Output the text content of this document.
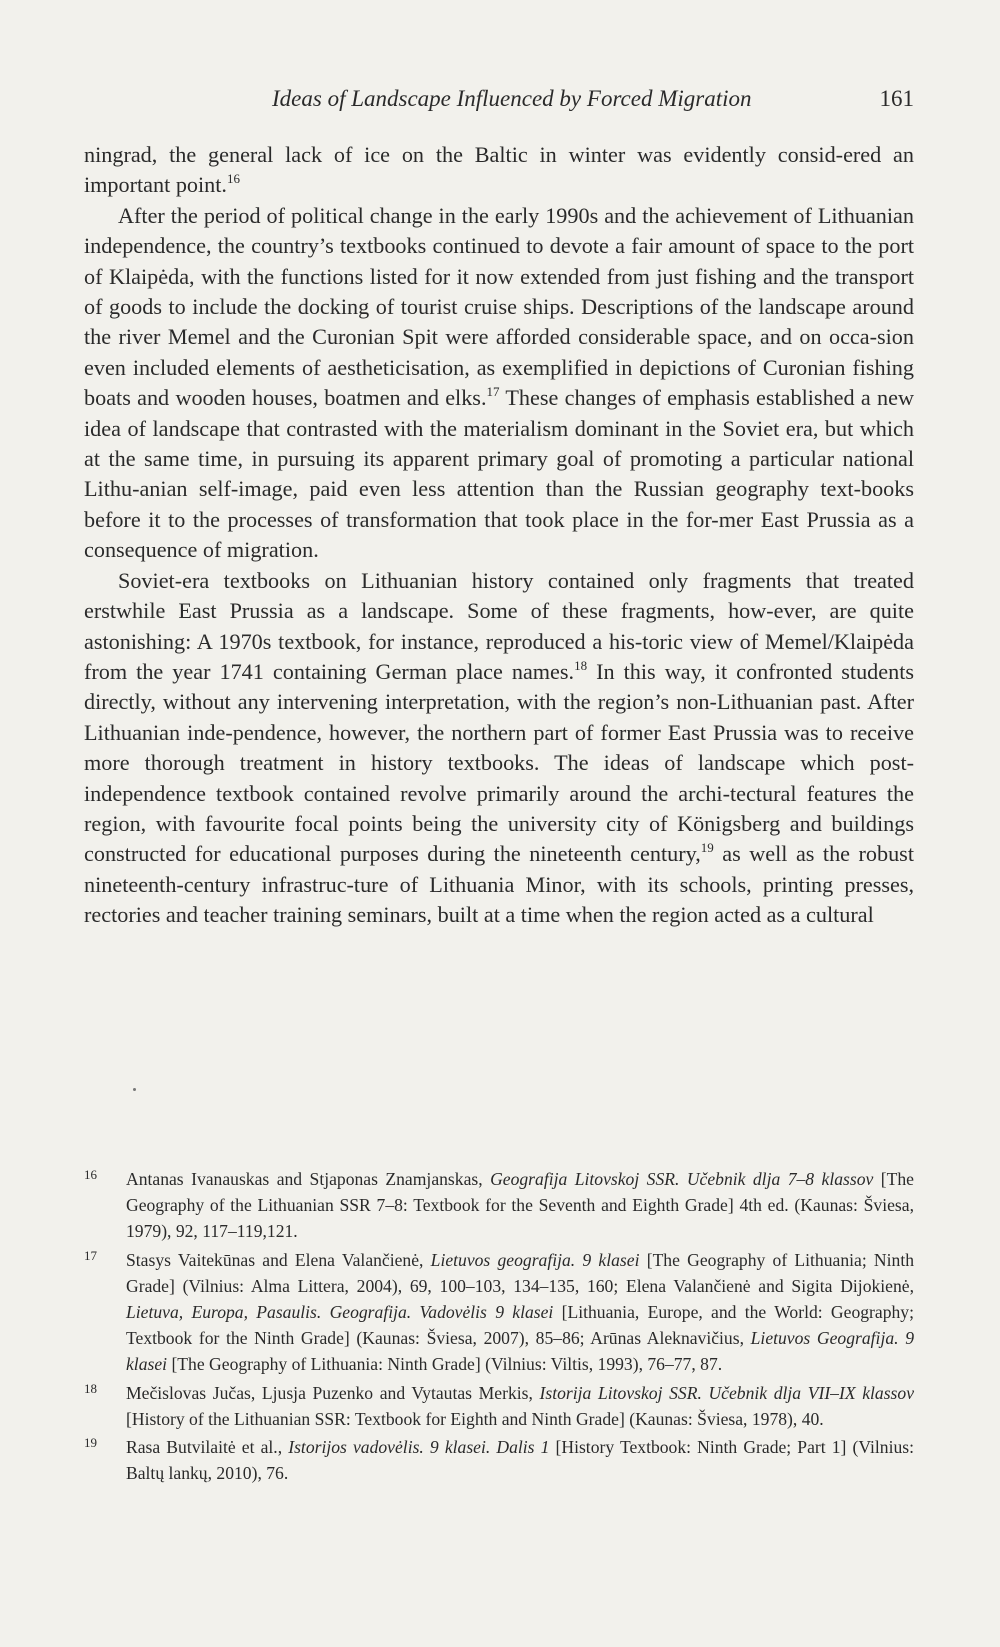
Ideas of Landscape Influenced by Forced Migration	161

ningrad, the general lack of ice on the Baltic in winter was evidently consid-ered an important point.$^{16}$

After the period of political change in the early 1990s and the achievement of Lithuanian independence, the country’s textbooks continued to devote a fair amount of space to the port of Klaipėda, with the functions listed for it now extended from just fishing and the transport of goods to include the docking of tourist cruise ships. Descriptions of the landscape around the river Memel and the Curonian Spit were afforded considerable space, and on occa-sion even included elements of aestheticisation, as exemplified in depictions of Curonian fishing boats and wooden houses, boatmen and elks.$^{17}$ These changes of emphasis established a new idea of landscape that contrasted with the materialism dominant in the Soviet era, but which at the same time, in pursuing its apparent primary goal of promoting a particular national Lithu-anian self-image, paid even less attention than the Russian geography text-books before it to the processes of transformation that took place in the for-mer East Prussia as a consequence of migration.

Soviet-era textbooks on Lithuanian history contained only fragments that treated erstwhile East Prussia as a landscape. Some of these fragments, how-ever, are quite astonishing: A 1970s textbook, for instance, reproduced a his-toric view of Memel/Klaipėda from the year 1741 containing German place names.$^{18}$ In this way, it confronted students directly, without any intervening interpretation, with the region’s non-Lithuanian past. After Lithuanian inde-pendence, however, the northern part of former East Prussia was to receive more thorough treatment in history textbooks. The ideas of landscape which post-independence textbook contained revolve primarily around the archi-tectural features the region, with favourite focal points being the university city of Königsberg and buildings constructed for educational purposes during the nineteenth century,$^{19}$ as well as the robust nineteenth-century infrastruc-ture of Lithuania Minor, with its schools, printing presses, rectories and teacher training seminars, built at a time when the region acted as a cultural

16	Antanas Ivanauskas and Stjaponas Znamjanskas, Geografija Litovskoj SSR. Učebnik dlja 7–8 klassov [The Geography of the Lithuanian SSR 7–8: Textbook for the Seventh and Eighth Grade] 4th ed. (Kaunas: Šviesa, 1979), 92, 117–119,121.
17	Stasys Vaitekūnas and Elena Valančienė, Lietuvos geografija. 9 klasei [The Geography of Lithuania; Ninth Grade] (Vilnius: Alma Littera, 2004), 69, 100–103, 134–135, 160; Elena Valančienė and Sigita Dijokienė, Lietuva, Europa, Pasaulis. Geografija. Vadovėlis 9 klasei [Lithuania, Europe, and the World: Geography; Textbook for the Ninth Grade] (Kaunas: Šviesa, 2007), 85–86; Arūnas Aleknavičius, Lietuvos Geografija. 9 klasei [The Geography of Lithuania: Ninth Grade] (Vilnius: Viltis, 1993), 76–77, 87.
18	Mečislovas Jučas, Ljusja Puzenko and Vytautas Merkis, Istorija Litovskoj SSR. Učebnik dlja VII–IX klassov [History of the Lithuanian SSR: Textbook for Eighth and Ninth Grade] (Kaunas: Šviesa, 1978), 40.
19	Rasa Butvilaitė et al., Istorijos vadovėlis. 9 klasei. Dalis 1 [History Textbook: Ninth Grade; Part 1] (Vilnius: Baltų lankų, 2010), 76.
